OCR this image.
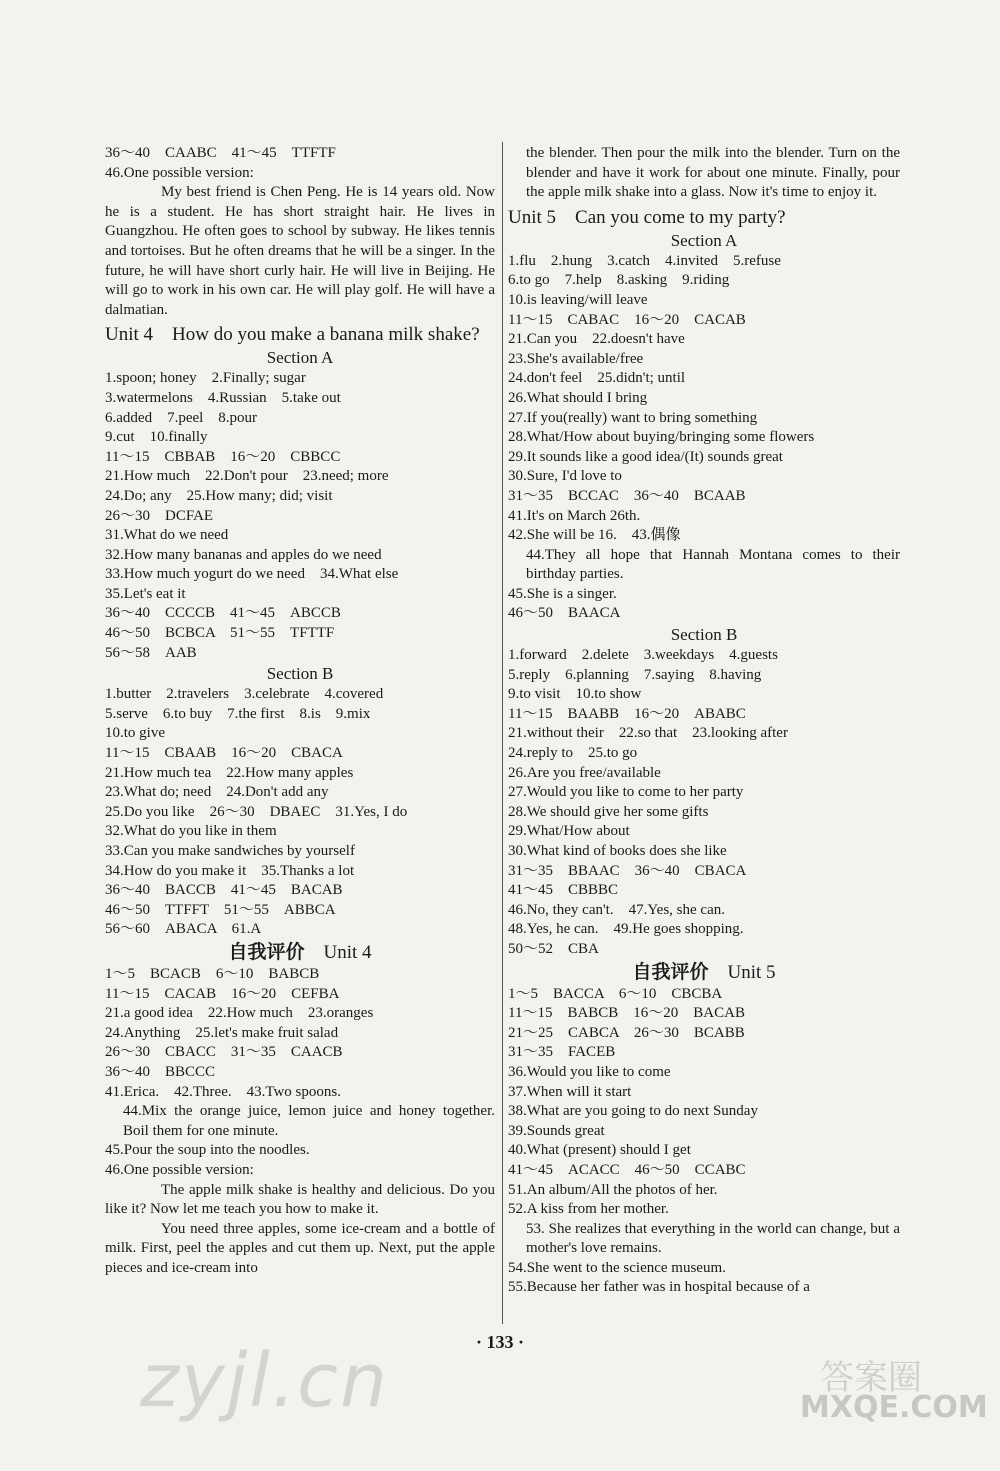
36～40　CAABC　41～45　TTFTF
46.One possible version:
My best friend is Chen Peng. He is 14 years old. Now he is a student. He has short straight hair. He lives in Guangzhou. He often goes to school by subway. He likes tennis and tortoises. But he often dreams that he will be a singer. In the future, he will have short curly hair. He will live in Beijing. He will go to work in his own car. He will play golf. He will have a dalmatian.
Unit 4　How do you make a banana milk shake?
Section A
1.spoon; honey　2.Finally; sugar
3.watermelons　4.Russian　5.take out
6.added　7.peel　8.pour
9.cut　10.finally
11～15　CBBAB　16～20　CBBCC
21.How much　22.Don't pour　23.need; more
24.Do; any　25.How many; did; visit
26～30　DCFAE
31.What do we need
32.How many bananas and apples do we need
33.How much yogurt do we need　34.What else
35.Let's eat it
36～40　CCCCB　41～45　ABCCB
46～50　BCBCA　51～55　TFTTF
56～58　AAB
Section B
1.butter　2.travelers　3.celebrate　4.covered
5.serve　6.to buy　7.the first　8.is　9.mix
10.to give
11～15　CBAAB　16～20　CBACA
21.How much tea　22.How many apples
23.What do; need　24.Don't add any
25.Do you like　26～30　DBAEC　31.Yes, I do
32.What do you like in them
33.Can you make sandwiches by yourself
34.How do you make it　35.Thanks a lot
36～40　BACCB　41～45　BACAB
46～50　TTFFT　51～55　ABBCA
56～60　ABACA　61.A
自我评价　 Unit 4
1～5　BCACB　6～10　BABCB
11～15　CACAB　16～20　CEFBA
21.a good idea　22.How much　23.oranges
24.Anything　25.let's make fruit salad
26～30　CBACC　31～35　CAACB
36～40　BBCCC
41.Erica.　42.Three.　43.Two spoons.
44.Mix the orange juice, lemon juice and honey together. Boil them for one minute.
45.Pour the soup into the noodles.
46.One possible version:
The apple milk shake is healthy and delicious. Do you like it? Now let me teach you how to make it.
You need three apples, some ice-cream and a bottle of milk. First, peel the apples and cut them up. Next, put the apple pieces and ice-cream into
the blender. Then pour the milk into the blender. Turn on the blender and have it work for about one minute. Finally, pour the apple milk shake into a glass. Now it's time to enjoy it.
Unit 5　Can you come to my party?
Section A
1.flu　2.hung　3.catch　4.invited　5.refuse
6.to go　7.help　8.asking　9.riding
10.is leaving/will leave
11～15　CABAC　16～20　CACAB
21.Can you　22.doesn't have
23.She's available/free
24.don't feel　25.didn't; until
26.What should I bring
27.If you(really) want to bring something
28.What/How about buying/bringing some flowers
29.It sounds like a good idea/(It) sounds great
30.Sure, I'd love to
31～35　BCCAC　36～40　BCAAB
41.It's on March 26th.
42.She will be 16.　43.偶像
44.They all hope that Hannah Montana comes to their birthday parties.
45.She is a singer.
46～50　BAACA
Section B
1.forward　2.delete　3.weekdays　4.guests
5.reply　6.planning　7.saying　8.having
9.to visit　10.to show
11～15　BAABB　16～20　ABABC
21.without their　22.so that　23.looking after
24.reply to　25.to go
26.Are you free/available
27.Would you like to come to her party
28.We should give her some gifts
29.What/How about
30.What kind of books does she like
31～35　BBAAC　36～40　CBACA
41～45　CBBBC
46.No, they can't.　47.Yes, she can.
48.Yes, he can.　49.He goes shopping.
50～52　CBA
自我评价　 Unit 5
1～5　BACCA　6～10　CBCBA
11～15　BABCB　16～20　BACAB
21～25　CABCA　26～30　BCABB
31～35　FACEB
36.Would you like to come
37.When will it start
38.What are you going to do next Sunday
39.Sounds great
40.What (present) should I get
41～45　ACACC　46～50　CCABC
51.An album/All the photos of her.
52.A kiss from her mother.
53. She realizes that everything in the world can change, but a mother's love remains.
54.She went to the science museum.
55.Because her father was in hospital because of a
· 133 ·
zyjl.cn	答案圈
MXQE.COM
